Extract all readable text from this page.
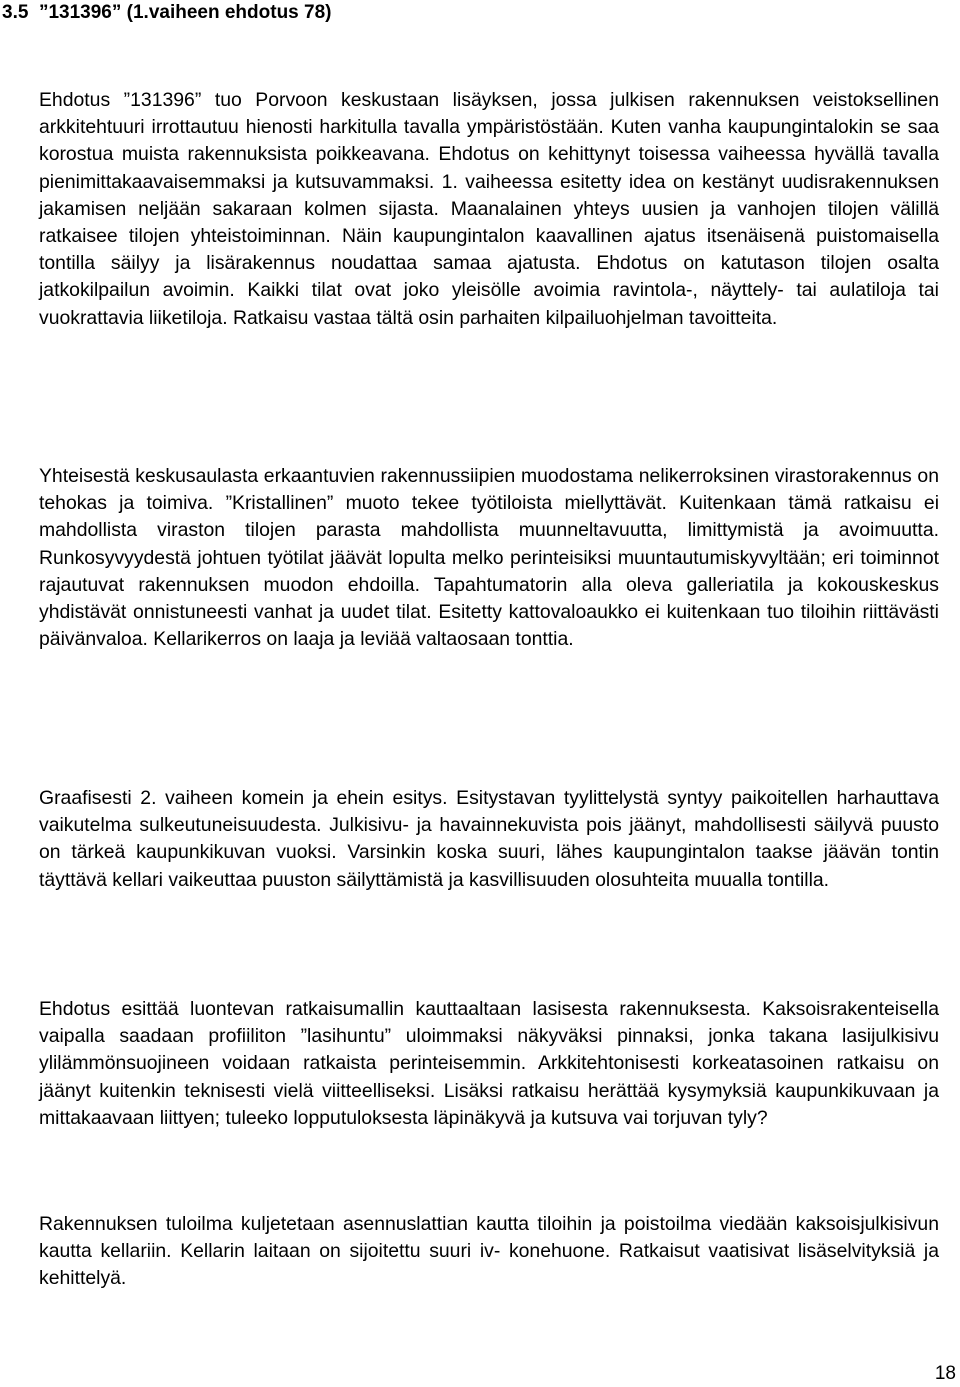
3.5  ”131396” (1.vaiheen ehdotus 78)

Ehdotus ”131396” tuo Porvoon keskustaan lisäyksen, jossa julkisen rakennuksen veistoksellinen arkkitehtuuri irrottautuu hienosti harkitulla tavalla ympäristöstään. Kuten vanha kaupungintalokin se saa korostua muista rakennuksista poikkeavana. Ehdotus on kehittynyt toisessa vaiheessa hyvällä tavalla pienimittakaavaisemmaksi ja kutsuvammaksi. 1. vaiheessa esitetty idea on kestänyt uudisrakennuksen jakamisen neljään sakaraan kolmen sijasta. Maanalainen yhteys uusien ja vanhojen tilojen välillä ratkaisee tilojen yhteistoiminnan. Näin kaupungintalon kaavallinen ajatus itsenäisenä puistomaisella tontilla säilyy ja lisärakennus noudattaa samaa ajatusta. Ehdotus on katutason tilojen osalta jatkokilpailun avoimin. Kaikki tilat ovat joko yleisölle avoimia ravintola-, näyttely- tai aulatiloja tai vuokrattavia liiketiloja. Ratkaisu vastaa tältä osin parhaiten kilpailuohjelman tavoitteita.

Yhteisestä keskusaulasta erkaantuvien rakennussiipien muodostama nelikerroksinen virastorakennus on tehokas ja toimiva. ”Kristallinen” muoto tekee työtiloista miellyttävät. Kuitenkaan tämä ratkaisu ei mahdollista viraston tilojen parasta mahdollista muunneltavuutta, limittymistä ja avoimuutta. Runkosyvyydestä johtuen työtilat jäävät lopulta melko perinteisiksi muuntautumiskyvyltään; eri toiminnot rajautuvat rakennuksen muodon ehdoilla. Tapahtumatorin alla oleva galleriatila ja kokouskeskus yhdistävät onnistuneesti vanhat ja uudet tilat. Esitetty kattovaloaukko ei kuitenkaan tuo tiloihin riittävästi päivänvaloa. Kellarikerros on laaja ja leviää valtaosaan tonttia.

Graafisesti 2. vaiheen komein ja ehein esitys. Esitystavan tyylittelystä syntyy paikoitellen harhauttava vaikutelma sulkeutuneisuudesta. Julkisivu- ja havainnekuvista pois jäänyt, mahdollisesti säilyvä puusto on tärkeä kaupunkikuvan vuoksi. Varsinkin koska suuri, lähes kaupungintalon taakse jäävän tontin täyttävä kellari vaikeuttaa puuston säilyttämistä ja kasvillisuuden olosuhteita muualla tontilla.

Ehdotus esittää luontevan ratkaisumallin kauttaaltaan lasisesta rakennuksesta. Kaksoisrakenteisella vaipalla saadaan profiiliton ”lasihuntu” uloimmaksi näkyväksi pinnaksi, jonka takana lasijulkisivu ylilämmönsuojineen voidaan ratkaista perinteisemmin. Arkkitehtonisesti korkeatasoinen ratkaisu on jäänyt kuitenkin teknisesti vielä viitteelliseksi. Lisäksi ratkaisu herättää kysymyksiä kaupunkikuvaan ja mittakaavaan liittyen; tuleeko lopputuloksesta läpinäkyvä ja kutsuva vai torjuvan tyly?

Rakennuksen tuloilma kuljetetaan asennuslattian kautta tiloihin ja poistoilma viedään kaksoisjulkisivun kautta kellariin. Kellarin laitaan on sijoitettu suuri iv- konehuone. Ratkaisut vaatisivat lisäselvityksiä ja kehittelyä.

18
